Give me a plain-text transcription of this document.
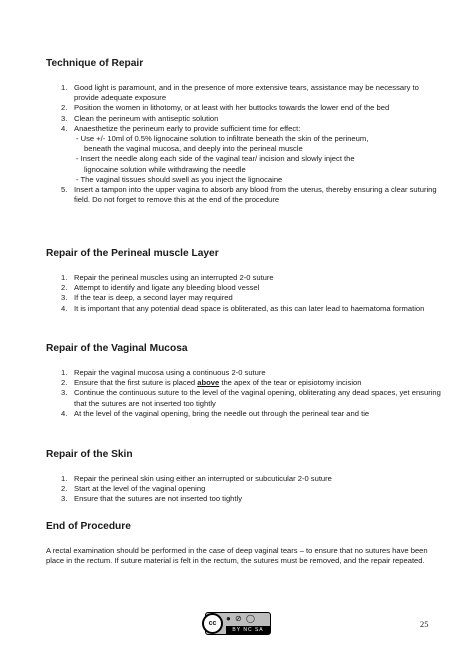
Technique of Repair
1. Good light is paramount, and in the presence of more extensive tears, assistance may be necessary to provide adequate exposure
2. Position the women in lithotomy, or at least with her buttocks towards the lower end of the bed
3. Clean the perineum with antiseptic solution
4. Anaesthetize the perineum early to provide sufficient time for effect:
- Use +/- 10ml of 0.5% lignocaine solution to infiltrate beneath the skin of the perineum,
beneath the vaginal mucosa, and deeply into the perineal muscle
- Insert the needle along each side of the vaginal tear/ incision and slowly inject the
lignocaine solution while withdrawing the needle
- The vaginal tissues should swell as you inject the lignocaine
5. Insert a tampon into the upper vagina to absorb any blood from the uterus, thereby ensuring a clear suturing field. Do not forget to remove this at the end of the procedure
Repair of the Perineal muscle Layer
1. Repair the perineal muscles using an interrupted 2-0 suture
2. Attempt to identify and ligate any bleeding blood vessel
3. If the tear is deep, a second layer may required
4. It is important that any potential dead space is obliterated, as this can later lead to haematoma formation
Repair of the Vaginal Mucosa
1. Repair the vaginal mucosa using a continuous 2-0 suture
2. Ensure that the first suture is placed above the apex of the tear or episiotomy incision
3. Continue the continuous suture to the level of the vaginal opening, obliterating any dead spaces, yet ensuring that the sutures are not inserted too tightly
4. At the level of the vaginal opening, bring the needle out through the perineal tear and tie
Repair of the Skin
1. Repair the perineal skin using either an interrupted or subcuticular 2-0 suture
2. Start at the level of the vaginal opening
3. Ensure that the sutures are not inserted too tightly
End of Procedure

A rectal examination should be performed in the case of deep vaginal tears – to ensure that no sutures have been place in the rectum. If suture material is felt in the rectum, the sutures must be removed, and the repair repeated.

cc
● ⊘ ◯
BY NC SA
25
